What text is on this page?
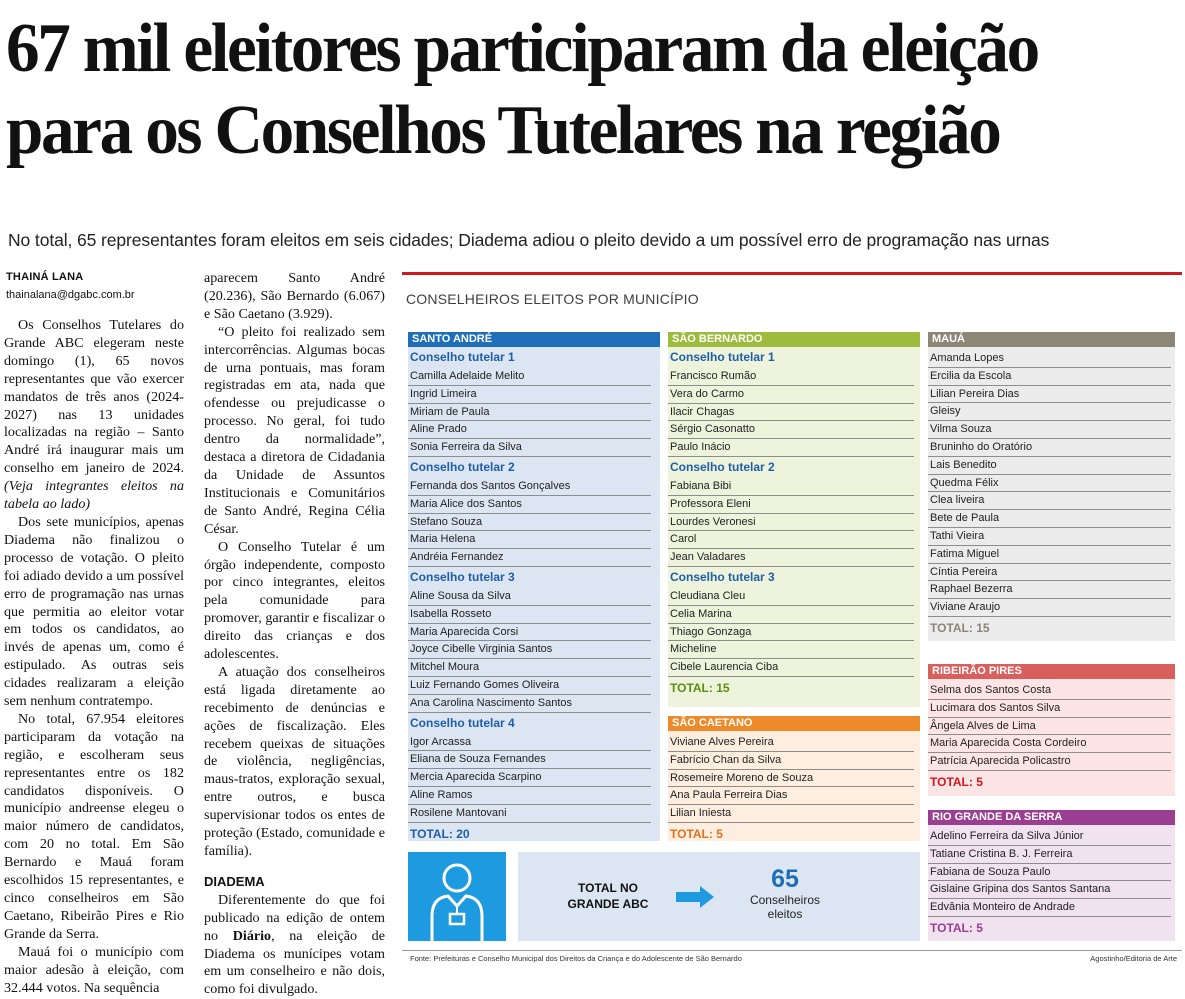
67 mil eleitores participaram da eleição
para os Conselhos Tutelares na região
No total, 65 representantes foram eleitos em seis cidades; Diadema adiou o pleito devido a um possível erro de programação nas urnas
THAINÁ LANA
thainalana@dgabc.com.br

Os Conselhos Tutelares do Grande ABC elegeram neste domingo (1), 65 novos representantes que vão exercer mandatos de três anos (2024-2027) nas 13 unidades localizadas na região – Santo André irá inaugurar mais um conselho em janeiro de 2024. (Veja integrantes eleitos na tabela ao lado)

Dos sete municípios, apenas Diadema não finalizou o processo de votação. O pleito foi adiado devido a um possível erro de programação nas urnas que permitia ao eleitor votar em todos os candidatos, ao invés de apenas um, como é estipulado. As outras seis cidades realizaram a eleição sem nenhum contratempo.

No total, 67.954 eleitores participaram da votação na região, e escolheram seus representantes entre os 182 candidatos disponíveis. O município andreense elegeu o maior número de candidatos, com 20 no total. Em São Bernardo e Mauá foram escolhidos 15 representantes, e cinco conselheiros em São Caetano, Ribeirão Pires e Rio Grande da Serra.

Mauá foi o município com maior adesão à eleição, com 32.444 votos. Na sequência

aparecem Santo André (20.236), São Bernardo (6.067) e São Caetano (3.929).

“O pleito foi realizado sem intercorrências. Algumas bocas de urna pontuais, mas foram registradas em ata, nada que ofendesse ou prejudicasse o processo. No geral, foi tudo dentro da normalidade”, destaca a diretora de Cidadania da Unidade de Assuntos Institucionais e Comunitários de Santo André, Regina Célia César.

O Conselho Tutelar é um órgão independente, composto por cinco integrantes, eleitos pela comunidade para promover, garantir e fiscalizar o direito das crianças e dos adolescentes.

A atuação dos conselheiros está ligada diretamente ao recebimento de denúncias e ações de fiscalização. Eles recebem queixas de situações de violência, negligências, maus-tratos, exploração sexual, entre outros, e busca supervisionar todos os entes de proteção (Estado, comunidade e família).

DIADEMA

Diferentemente do que foi publicado na edição de ontem no Diário, na eleição de Diadema os munícipes votam em um conselheiro e não dois, como foi divulgado.

CONSELHEIROS ELEITOS POR MUNICÍPIO
SANTO ANDRÉ
Conselho tutelar 1
Camilla Adelaide Melito
Ingrid Limeira
Miriam de Paula
Aline Prado
Sonia Ferreira da Silva
Conselho tutelar 2
Fernanda dos Santos Gonçalves
Maria Alice dos Santos
Stefano Souza
Maria Helena
Andréia Fernandez
Conselho tutelar 3
Aline Sousa da Silva
Isabella Rosseto
Maria Aparecida Corsi
Joyce Cibelle Virginia Santos
Mitchel Moura
Luiz Fernando Gomes Oliveira
Ana Carolina Nascimento Santos
Conselho tutelar 4
Igor Arcassa
Eliana de Souza Fernandes
Mercia Aparecida Scarpino
Aline Ramos
Rosilene Mantovani
TOTAL: 20
SÃO BERNARDO
Conselho tutelar 1
Francisco Rumão
Vera do Carmo
Ilacir Chagas
Sérgio Casonatto
Paulo Inácio
Conselho tutelar 2
Fabiana Bibi
Professora Eleni
Lourdes Veronesi
Carol
Jean Valadares
Conselho tutelar 3
Cleudiana Cleu
Celia Marina
Thiago Gonzaga
Micheline
Cibele Laurencia Ciba
TOTAL: 15
SÃO CAETANO
Viviane Alves Pereira
Fabrício Chan da Silva
Rosemeire Moreno de Souza
Ana Paula Ferreira Dias
Lilian Iniesta
TOTAL: 5
MAUÁ
Amanda Lopes
Ercilia da Escola
Lilian Pereira Dias
Gleisy
Vilma Souza
Bruninho do Oratório
Lais Benedito
Quedma Félix
Clea liveira
Bete de Paula
Tathi Vieira
Fatima Miguel
Cíntia Pereira
Raphael Bezerra
Viviane Araujo
TOTAL: 15
RIBEIRÃO PIRES
Selma dos Santos Costa
Lucimara dos Santos Silva
Ângela Alves de Lima
Maria Aparecida Costa Cordeiro
Patrícia Aparecida Policastro
TOTAL: 5
RIO GRANDE DA SERRA
Adelino Ferreira da Silva Júnior
Tatiane Cristina B. J. Ferreira
Fabiana de Souza Paulo
Gislaine Gripina dos Santos Santana
Edvânia Monteiro de Andrade
TOTAL: 5
TOTAL NO
GRANDE ABC
65
Conselheiros
eleitos
Fonte: Prefeituras e Conselho Municipal dos Direitos da Criança e do Adolescente de São Bernardo	Agostinho/Editoria de Arte
